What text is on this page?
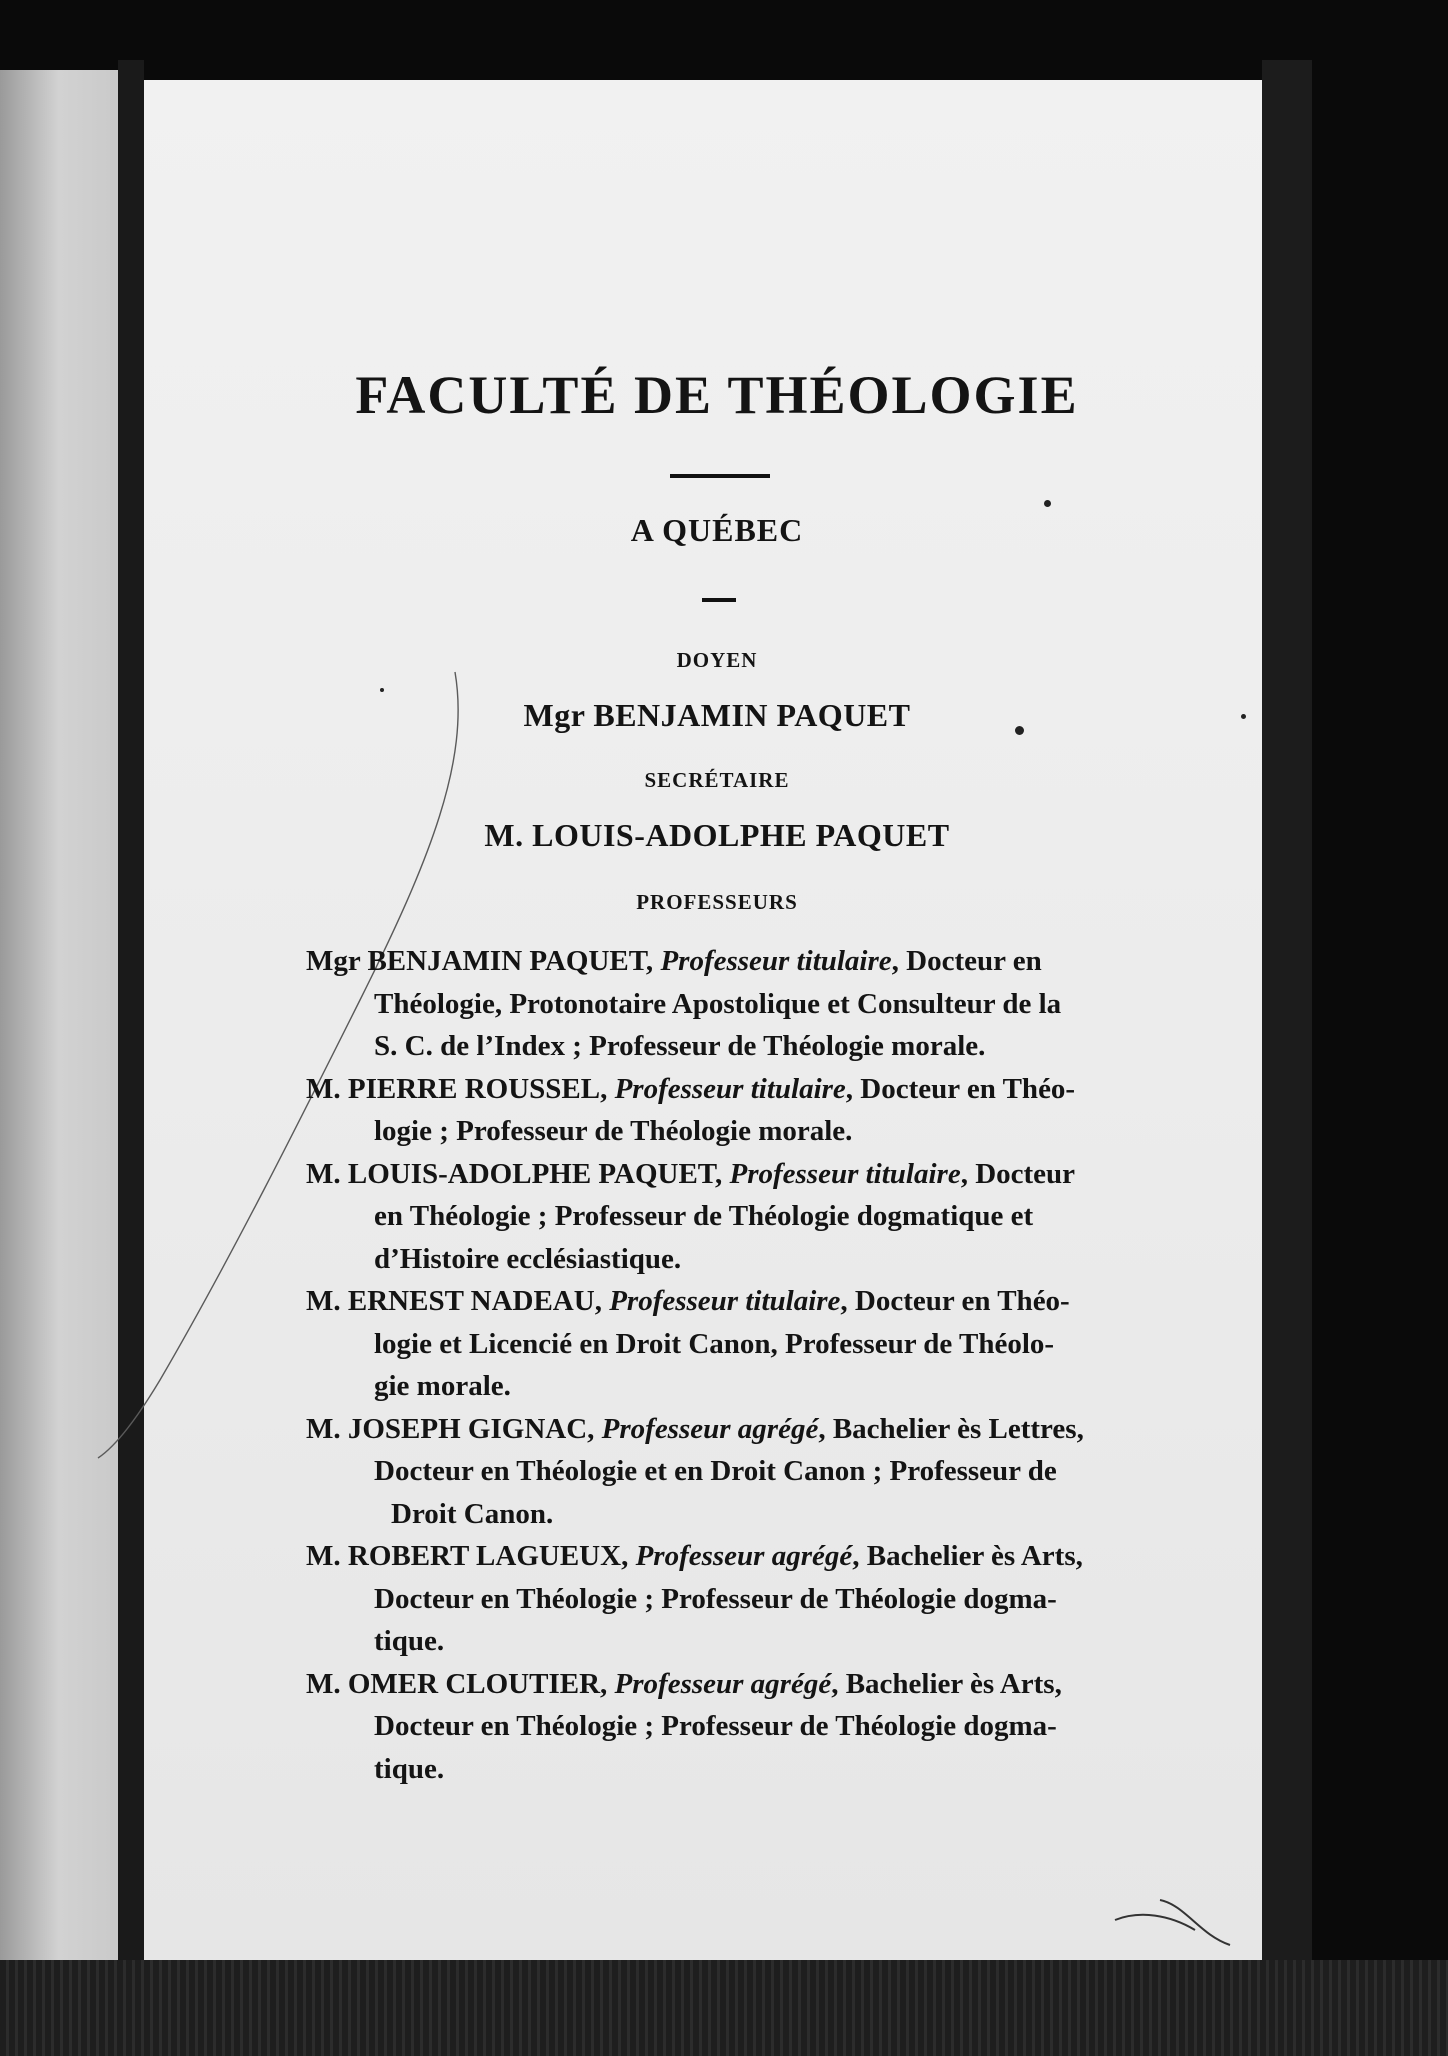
FACULTÉ DE THÉOLOGIE
A QUÉBEC
DOYEN
Mgr BENJAMIN PAQUET
SECRÉTAIRE
M. LOUIS-ADOLPHE PAQUET
PROFESSEURS
Mgr BENJAMIN PAQUET, Professeur titulaire, Docteur en
Théologie, Protonotaire Apostolique et Consulteur de la
S. C. de l’Index ; Professeur de Théologie morale.
M. PIERRE ROUSSEL, Professeur titulaire, Docteur en Théo-
logie ; Professeur de Théologie morale.
M. LOUIS-ADOLPHE PAQUET, Professeur titulaire, Docteur
en Théologie ; Professeur de Théologie dogmatique et
d’Histoire ecclésiastique.
M. ERNEST NADEAU, Professeur titulaire, Docteur en Théo-
logie et Licencié en Droit Canon, Professeur de Théolo-
gie morale.
M. JOSEPH GIGNAC, Professeur agrégé, Bachelier ès Lettres,
Docteur en Théologie et en Droit Canon ; Professeur de
Droit Canon.
M. ROBERT LAGUEUX, Professeur agrégé, Bachelier ès Arts,
Docteur en Théologie ; Professeur de Théologie dogma-
tique.
M. OMER CLOUTIER, Professeur agrégé, Bachelier ès Arts,
Docteur en Théologie ; Professeur de Théologie dogma-
tique.
